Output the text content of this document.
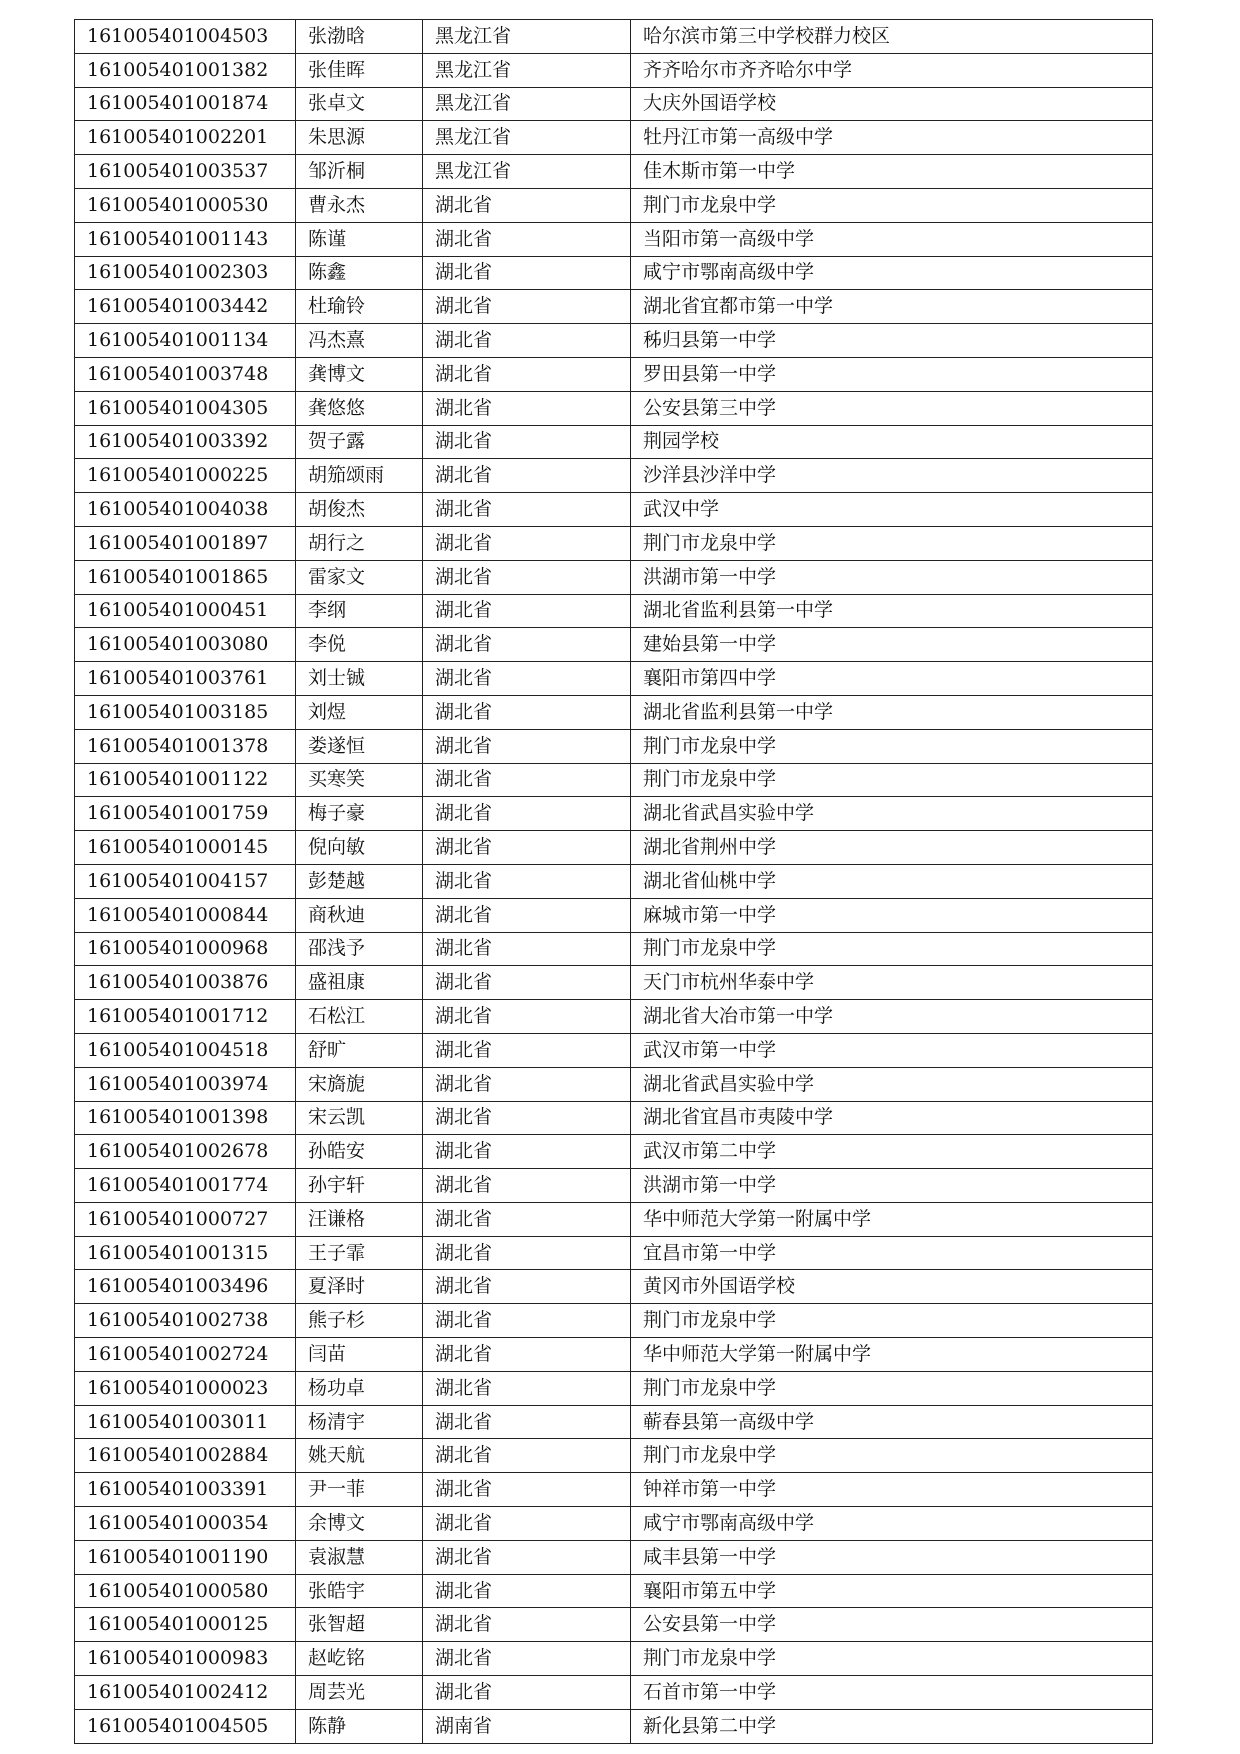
161005401004503	张渤晗	黑龙江省	哈尔滨市第三中学校群力校区
161005401001382	张佳晖	黑龙江省	齐齐哈尔市齐齐哈尔中学
161005401001874	张卓文	黑龙江省	大庆外国语学校
161005401002201	朱思源	黑龙江省	牡丹江市第一高级中学
161005401003537	邹沂桐	黑龙江省	佳木斯市第一中学
161005401000530	曹永杰	湖北省	荆门市龙泉中学
161005401001143	陈谨	湖北省	当阳市第一高级中学
161005401002303	陈鑫	湖北省	咸宁市鄂南高级中学
161005401003442	杜瑜铃	湖北省	湖北省宜都市第一中学
161005401001134	冯杰熹	湖北省	秭归县第一中学
161005401003748	龚博文	湖北省	罗田县第一中学
161005401004305	龚悠悠	湖北省	公安县第三中学
161005401003392	贺子露	湖北省	荆园学校
161005401000225	胡笳颂雨	湖北省	沙洋县沙洋中学
161005401004038	胡俊杰	湖北省	武汉中学
161005401001897	胡行之	湖北省	荆门市龙泉中学
161005401001865	雷家文	湖北省	洪湖市第一中学
161005401000451	李纲	湖北省	湖北省监利县第一中学
161005401003080	李侻	湖北省	建始县第一中学
161005401003761	刘士铖	湖北省	襄阳市第四中学
161005401003185	刘煜	湖北省	湖北省监利县第一中学
161005401001378	娄遂恒	湖北省	荆门市龙泉中学
161005401001122	买寒笑	湖北省	荆门市龙泉中学
161005401001759	梅子豪	湖北省	湖北省武昌实验中学
161005401000145	倪向敏	湖北省	湖北省荆州中学
161005401004157	彭楚越	湖北省	湖北省仙桃中学
161005401000844	商秋迪	湖北省	麻城市第一中学
161005401000968	邵浅予	湖北省	荆门市龙泉中学
161005401003876	盛祖康	湖北省	天门市杭州华泰中学
161005401001712	石松江	湖北省	湖北省大冶市第一中学
161005401004518	舒旷	湖北省	武汉市第一中学
161005401003974	宋旖旎	湖北省	湖北省武昌实验中学
161005401001398	宋云凯	湖北省	湖北省宜昌市夷陵中学
161005401002678	孙皓安	湖北省	武汉市第二中学
161005401001774	孙宇轩	湖北省	洪湖市第一中学
161005401000727	汪谦格	湖北省	华中师范大学第一附属中学
161005401001315	王子霏	湖北省	宜昌市第一中学
161005401003496	夏泽时	湖北省	黄冈市外国语学校
161005401002738	熊子杉	湖北省	荆门市龙泉中学
161005401002724	闫苗	湖北省	华中师范大学第一附属中学
161005401000023	杨功卓	湖北省	荆门市龙泉中学
161005401003011	杨清宇	湖北省	蕲春县第一高级中学
161005401002884	姚天航	湖北省	荆门市龙泉中学
161005401003391	尹一菲	湖北省	钟祥市第一中学
161005401000354	余博文	湖北省	咸宁市鄂南高级中学
161005401001190	袁淑慧	湖北省	咸丰县第一中学
161005401000580	张皓宇	湖北省	襄阳市第五中学
161005401000125	张智超	湖北省	公安县第一中学
161005401000983	赵屹铭	湖北省	荆门市龙泉中学
161005401002412	周芸光	湖北省	石首市第一中学
161005401004505	陈静	湖南省	新化县第二中学
